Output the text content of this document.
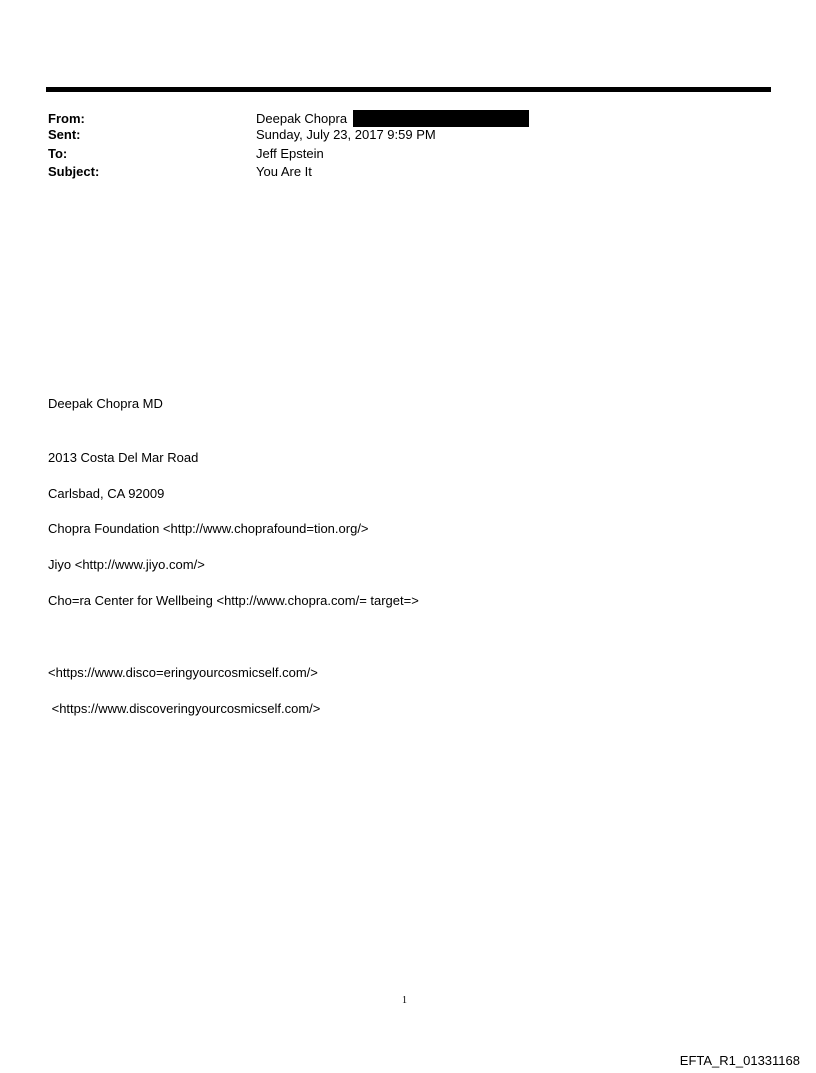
From:	Deepak Chopra
Sent:	Sunday, July 23, 2017 9:59 PM
To:	Jeff Epstein
Subject:	You Are It
Deepak Chopra MD
2013 Costa Del Mar Road
Carlsbad, CA 92009
Chopra Foundation <http://www.choprafound=tion.org/>
Jiyo <http://www.jiyo.com/>
Cho=ra Center for Wellbeing <http://www.chopra.com/= target=>
<https://www.disco=eringyourcosmicself.com/>
<https://www.discoveringyourcosmicself.com/>
1
EFTA_R1_01331168
